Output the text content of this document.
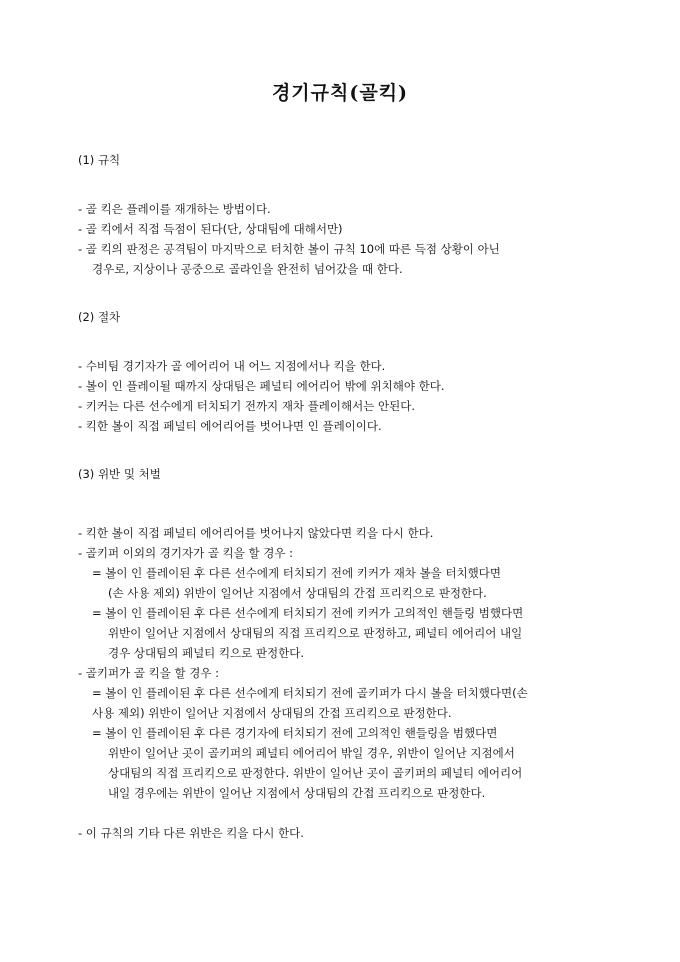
경기규칙(골킥)
(1) 규칙
- 골 킥은 플레이를 재개하는 방법이다.
- 골 킥에서 직접 득점이 된다(단, 상대팀에 대해서만)
- 골 킥의 판정은 공격팀이 마지막으로 터치한 볼이 규칙 10에 따른 득점 상황이 아닌
경우로, 지상이나 공중으로 골라인을 완전히 넘어갔을 때 한다.
(2) 절차
- 수비팀 경기자가 골 에어리어 내 어느 지점에서나 킥을 한다.
- 볼이 인 플레이될 때까지 상대팀은 페널티 에어리어 밖에 위치해야 한다.
- 키커는 다른 선수에게 터치되기 전까지 재차 플레이해서는 안된다.
- 킥한 볼이 직접 페널티 에어리어를 벗어나면 인 플레이이다.
(3) 위반 및 처벌
- 킥한 볼이 직접 페널티 에어리어를 벗어나지 않았다면 킥을 다시 한다.
- 골키퍼 이외의 경기자가 골 킥을 할 경우 :
= 볼이 인 플레이된 후 다른 선수에게 터치되기 전에 키커가 재차 볼을 터치했다면
(손 사용 제외) 위반이 일어난 지점에서 상대팀의 간접 프리킥으로 판정한다.
= 볼이 인 플레이된 후 다른 선수에게 터치되기 전에 키커가 고의적인 핸들링 범했다면
위반이 일어난 지점에서 상대팀의 직접 프리킥으로 판정하고, 페널티 에어리어 내일
경우 상대팀의 페널티 킥으로 판정한다.
- 골키퍼가 골 킥을 할 경우 :
= 볼이 인 플레이된 후 다른 선수에게 터치되기 전에 골키퍼가 다시 볼을 터치했다면(손
사용 제외) 위반이 일어난 지점에서 상대팀의 간접 프리킥으로 판정한다.
= 볼이 인 플레이된 후 다른 경기자에 터치되기 전에 고의적인 핸들링을 범했다면
위반이 일어난 곳이 골키퍼의 페널티 에어리어 밖일 경우, 위반이 일어난 지점에서
상대팀의 직접 프리킥으로 판정한다. 위반이 일어난 곳이 골키퍼의 페널티 에어리어
내일 경우에는 위반이 일어난 지점에서 상대팀의 간접 프리킥으로 판정한다.
- 이 규칙의 기타 다른 위반은 킥을 다시 한다.
